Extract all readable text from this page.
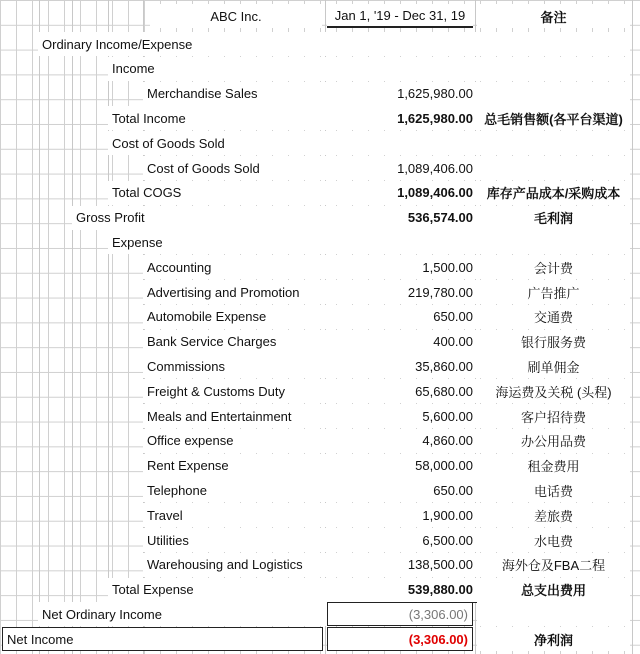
ABC Inc.	Jan 1, '19 - Dec 31, 19	备注
Ordinary Income/Expense
Income
Merchandise Sales	1,625,980.00
Total Income	1,625,980.00 总毛销售额(各平台渠道)
Cost of Goods Sold
Cost of Goods Sold	1,089,406.00
Total COGS	1,089,406.00	库存产品成本/采购成本
Gross Profit	536,574.00	毛利润
Expense
Accounting	1,500.00	会计费
Advertising and Promotion	219,780.00	广告推广
Automobile Expense	650.00	交通费
Bank Service Charges	400.00	银行服务费
Commissions	35,860.00	刷单佣金
Freight & Customs Duty	65,680.00	海运费及关税 (头程)
Meals and Entertainment	5,600.00	客户招待费
Office expense	4,860.00	办公用品费
Rent Expense	58,000.00	租金费用
Telephone	650.00	电话费
Travel	1,900.00	差旅费
Utilities	6,500.00	水电费
Warehousing and Logistics	138,500.00	海外仓及FBA二程
Total Expense	539,880.00	总支出费用
Net Ordinary Income	(3,306.00)
Net Income	(3,306.00)	净利润
